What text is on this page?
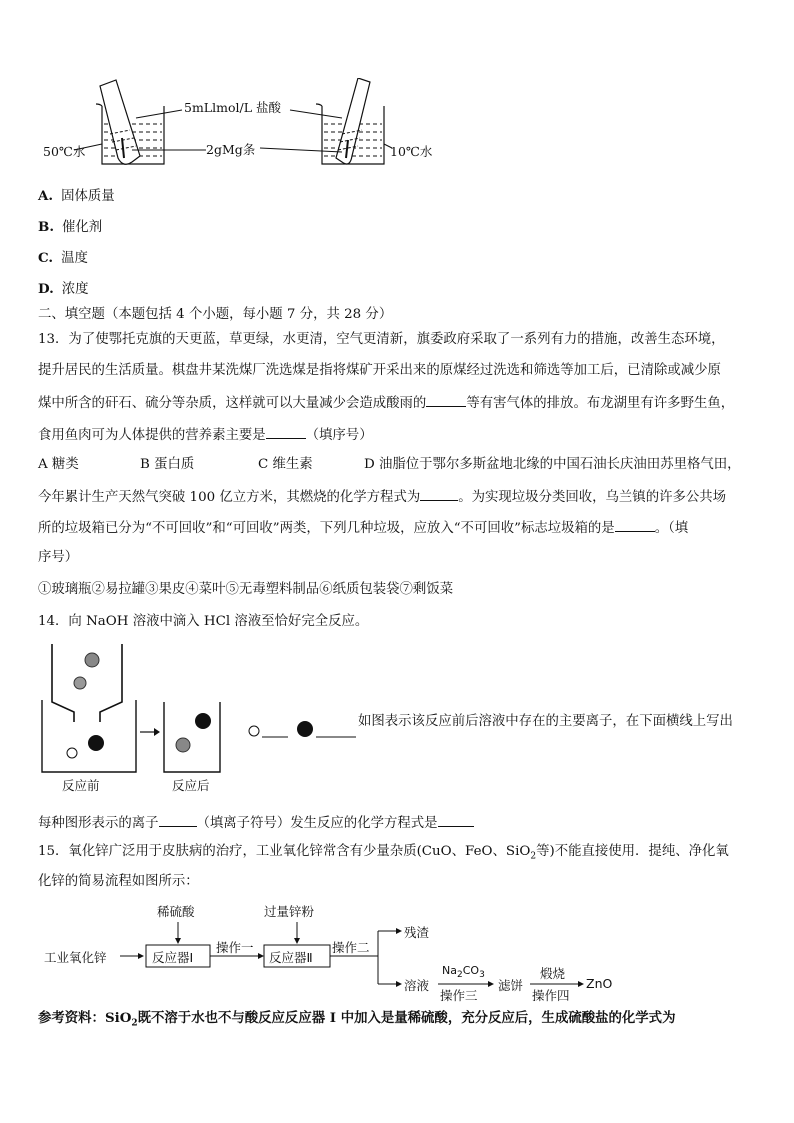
5mLlmol/L 盐酸
2gMg条
50℃水	10℃水
A. 固体质量
B. 催化剂
C. 温度
D. 浓度
二、填空题（本题包括 4 个小题，每小题 7 分，共 28 分）
13．为了使鄂托克旗的天更蓝，草更绿，水更清，空气更清新，旗委政府采取了一系列有力的措施，改善生态环境，
提升居民的生活质量。棋盘井某洗煤厂洗选煤是指将煤矿开采出来的原煤经过洗选和筛选等加工后，已清除或减少原
煤中所含的矸石、硫分等杂质，这样就可以大量减少会造成酸雨的	等有害气体的排放。布龙湖里有许多野生鱼，
食用鱼肉可为人体提供的营养素主要是	（填序号）
A 糖类	B 蛋白质	C 维生素	D 油脂位于鄂尔多斯盆地北缘的中国石油长庆油田苏里格气田，
今年累计生产天然气突破 100 亿立方米，其燃烧的化学方程式为	。为实现垃圾分类回收，乌兰镇的许多公共场
所的垃圾箱已分为“不可回收”和“可回收”两类，下列几种垃圾，应放入“不可回收”标志垃圾箱的是	。（填
序号）
①玻璃瓶②易拉罐③果皮④菜叶⑤无毒塑料制品⑥纸质包装袋⑦剩饭菜
14．向 NaOH 溶液中滴入 HCl 溶液至恰好完全反应。
反应前	反应后
如图表示该反应前后溶液中存在的主要离子，在下面横线上写出
每种图形表示的离子	（填离子符号）发生反应的化学方程式是
15．氧化锌广泛用于皮肤病的治疗，工业氧化锌常含有少量杂质(CuO、FeO、SiO$_2$等)不能直接使用．提纯、净化氧
化锌的简易流程如图所示：
工业氧化锌	反应器Ⅰ	反应器Ⅱ
稀硫酸	过量锌粉
操作一	操作二
残渣
溶液
$Na_2CO_3$
操作三
滤饼
煅烧
操作四
ZnO
参考资料：SiO$_2$既不溶于水也不与酸反应反应器 I 中加入是量稀硫酸，充分反应后，生成硫酸盐的化学式为
